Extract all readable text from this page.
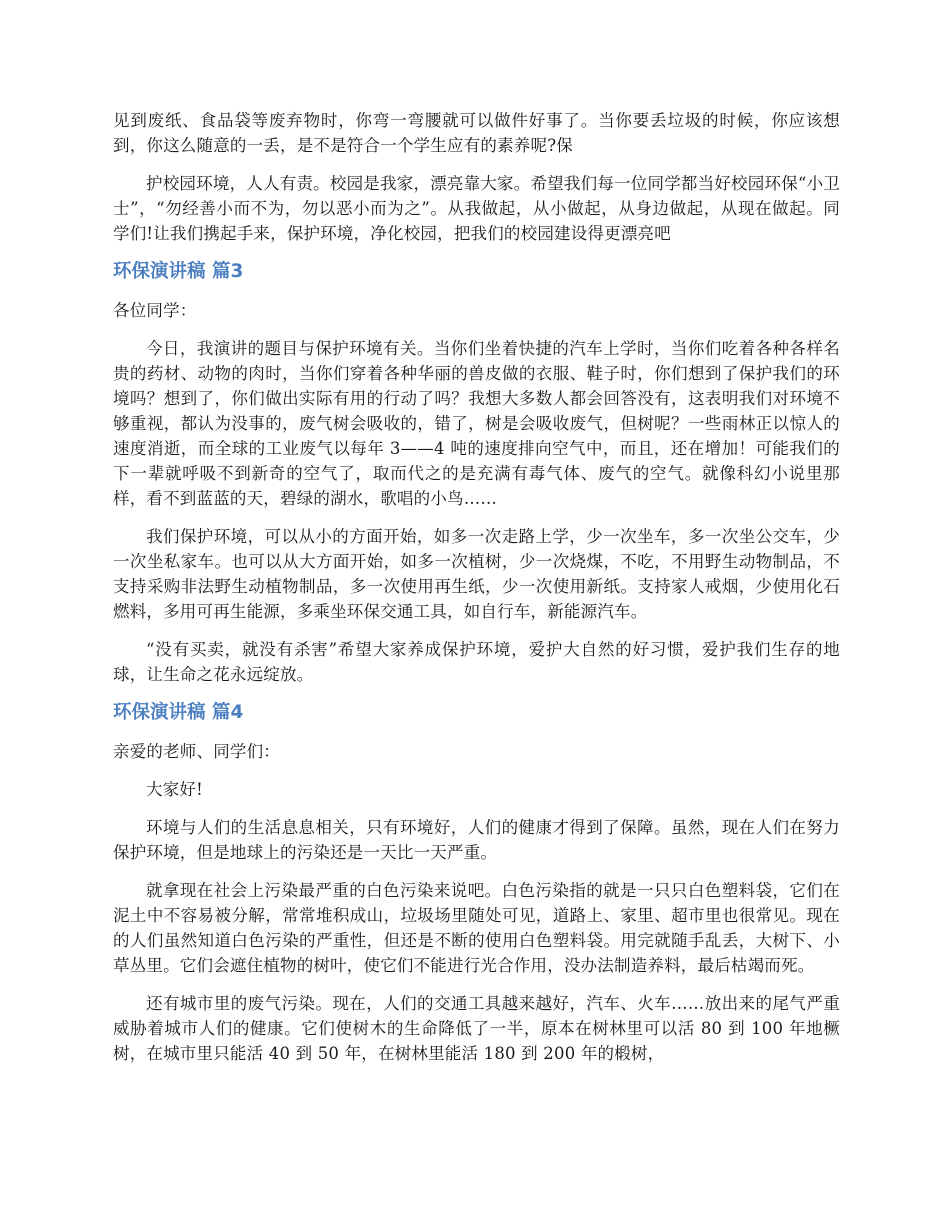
见到废纸、食品袋等废弃物时，你弯一弯腰就可以做件好事了。当你要丢垃圾的时候，你应该想到，你这么随意的一丢，是不是符合一个学生应有的素养呢?保

护校园环境，人人有责。校园是我家，漂亮靠大家。希望我们每一位同学都当好校园环保“小卫士”，“勿经善小而不为，勿以恶小而为之”。从我做起，从小做起，从身边做起，从现在做起。同学们!让我们携起手来，保护环境，净化校园，把我们的校园建设得更漂亮吧

环保演讲稿 篇3

各位同学：

今日，我演讲的题目与保护环境有关。当你们坐着快捷的汽车上学时，当你们吃着各种各样名贵的药材、动物的肉时，当你们穿着各种华丽的兽皮做的衣服、鞋子时，你们想到了保护我们的环境吗？想到了，你们做出实际有用的行动了吗？我想大多数人都会回答没有，这表明我们对环境不够重视，都认为没事的，废气树会吸收的，错了，树是会吸收废气，但树呢？一些雨林正以惊人的速度消逝，而全球的工业废气以每年 3——4 吨的速度排向空气中，而且，还在增加！可能我们的下一辈就呼吸不到新奇的空气了，取而代之的是充满有毒气体、废气的空气。就像科幻小说里那样，看不到蓝蓝的天，碧绿的湖水，歌唱的小鸟……

我们保护环境，可以从小的方面开始，如多一次走路上学，少一次坐车，多一次坐公交车，少一次坐私家车。也可以从大方面开始，如多一次植树，少一次烧煤，不吃，不用野生动物制品，不支持采购非法野生动植物制品，多一次使用再生纸，少一次使用新纸。支持家人戒烟，少使用化石燃料，多用可再生能源，多乘坐环保交通工具，如自行车，新能源汽车。

“没有买卖，就没有杀害”希望大家养成保护环境，爱护大自然的好习惯，爱护我们生存的地球，让生命之花永远绽放。

环保演讲稿 篇4

亲爱的老师、同学们：

大家好!

环境与人们的生活息息相关，只有环境好，人们的健康才得到了保障。虽然，现在人们在努力保护环境，但是地球上的污染还是一天比一天严重。

就拿现在社会上污染最严重的白色污染来说吧。白色污染指的就是一只只白色塑料袋，它们在泥土中不容易被分解，常常堆积成山，垃圾场里随处可见，道路上、家里、超市里也很常见。现在的人们虽然知道白色污染的严重性，但还是不断的使用白色塑料袋。用完就随手乱丢，大树下、小草丛里。它们会遮住植物的树叶，使它们不能进行光合作用，没办法制造养料，最后枯竭而死。

还有城市里的废气污染。现在，人们的交通工具越来越好，汽车、火车……放出来的尾气严重威胁着城市人们的健康。它们使树木的生命降低了一半，原本在树林里可以活 80 到 100 年地橛树，在城市里只能活 40 到 50 年，在树林里能活 180 到 200 年的椴树，
